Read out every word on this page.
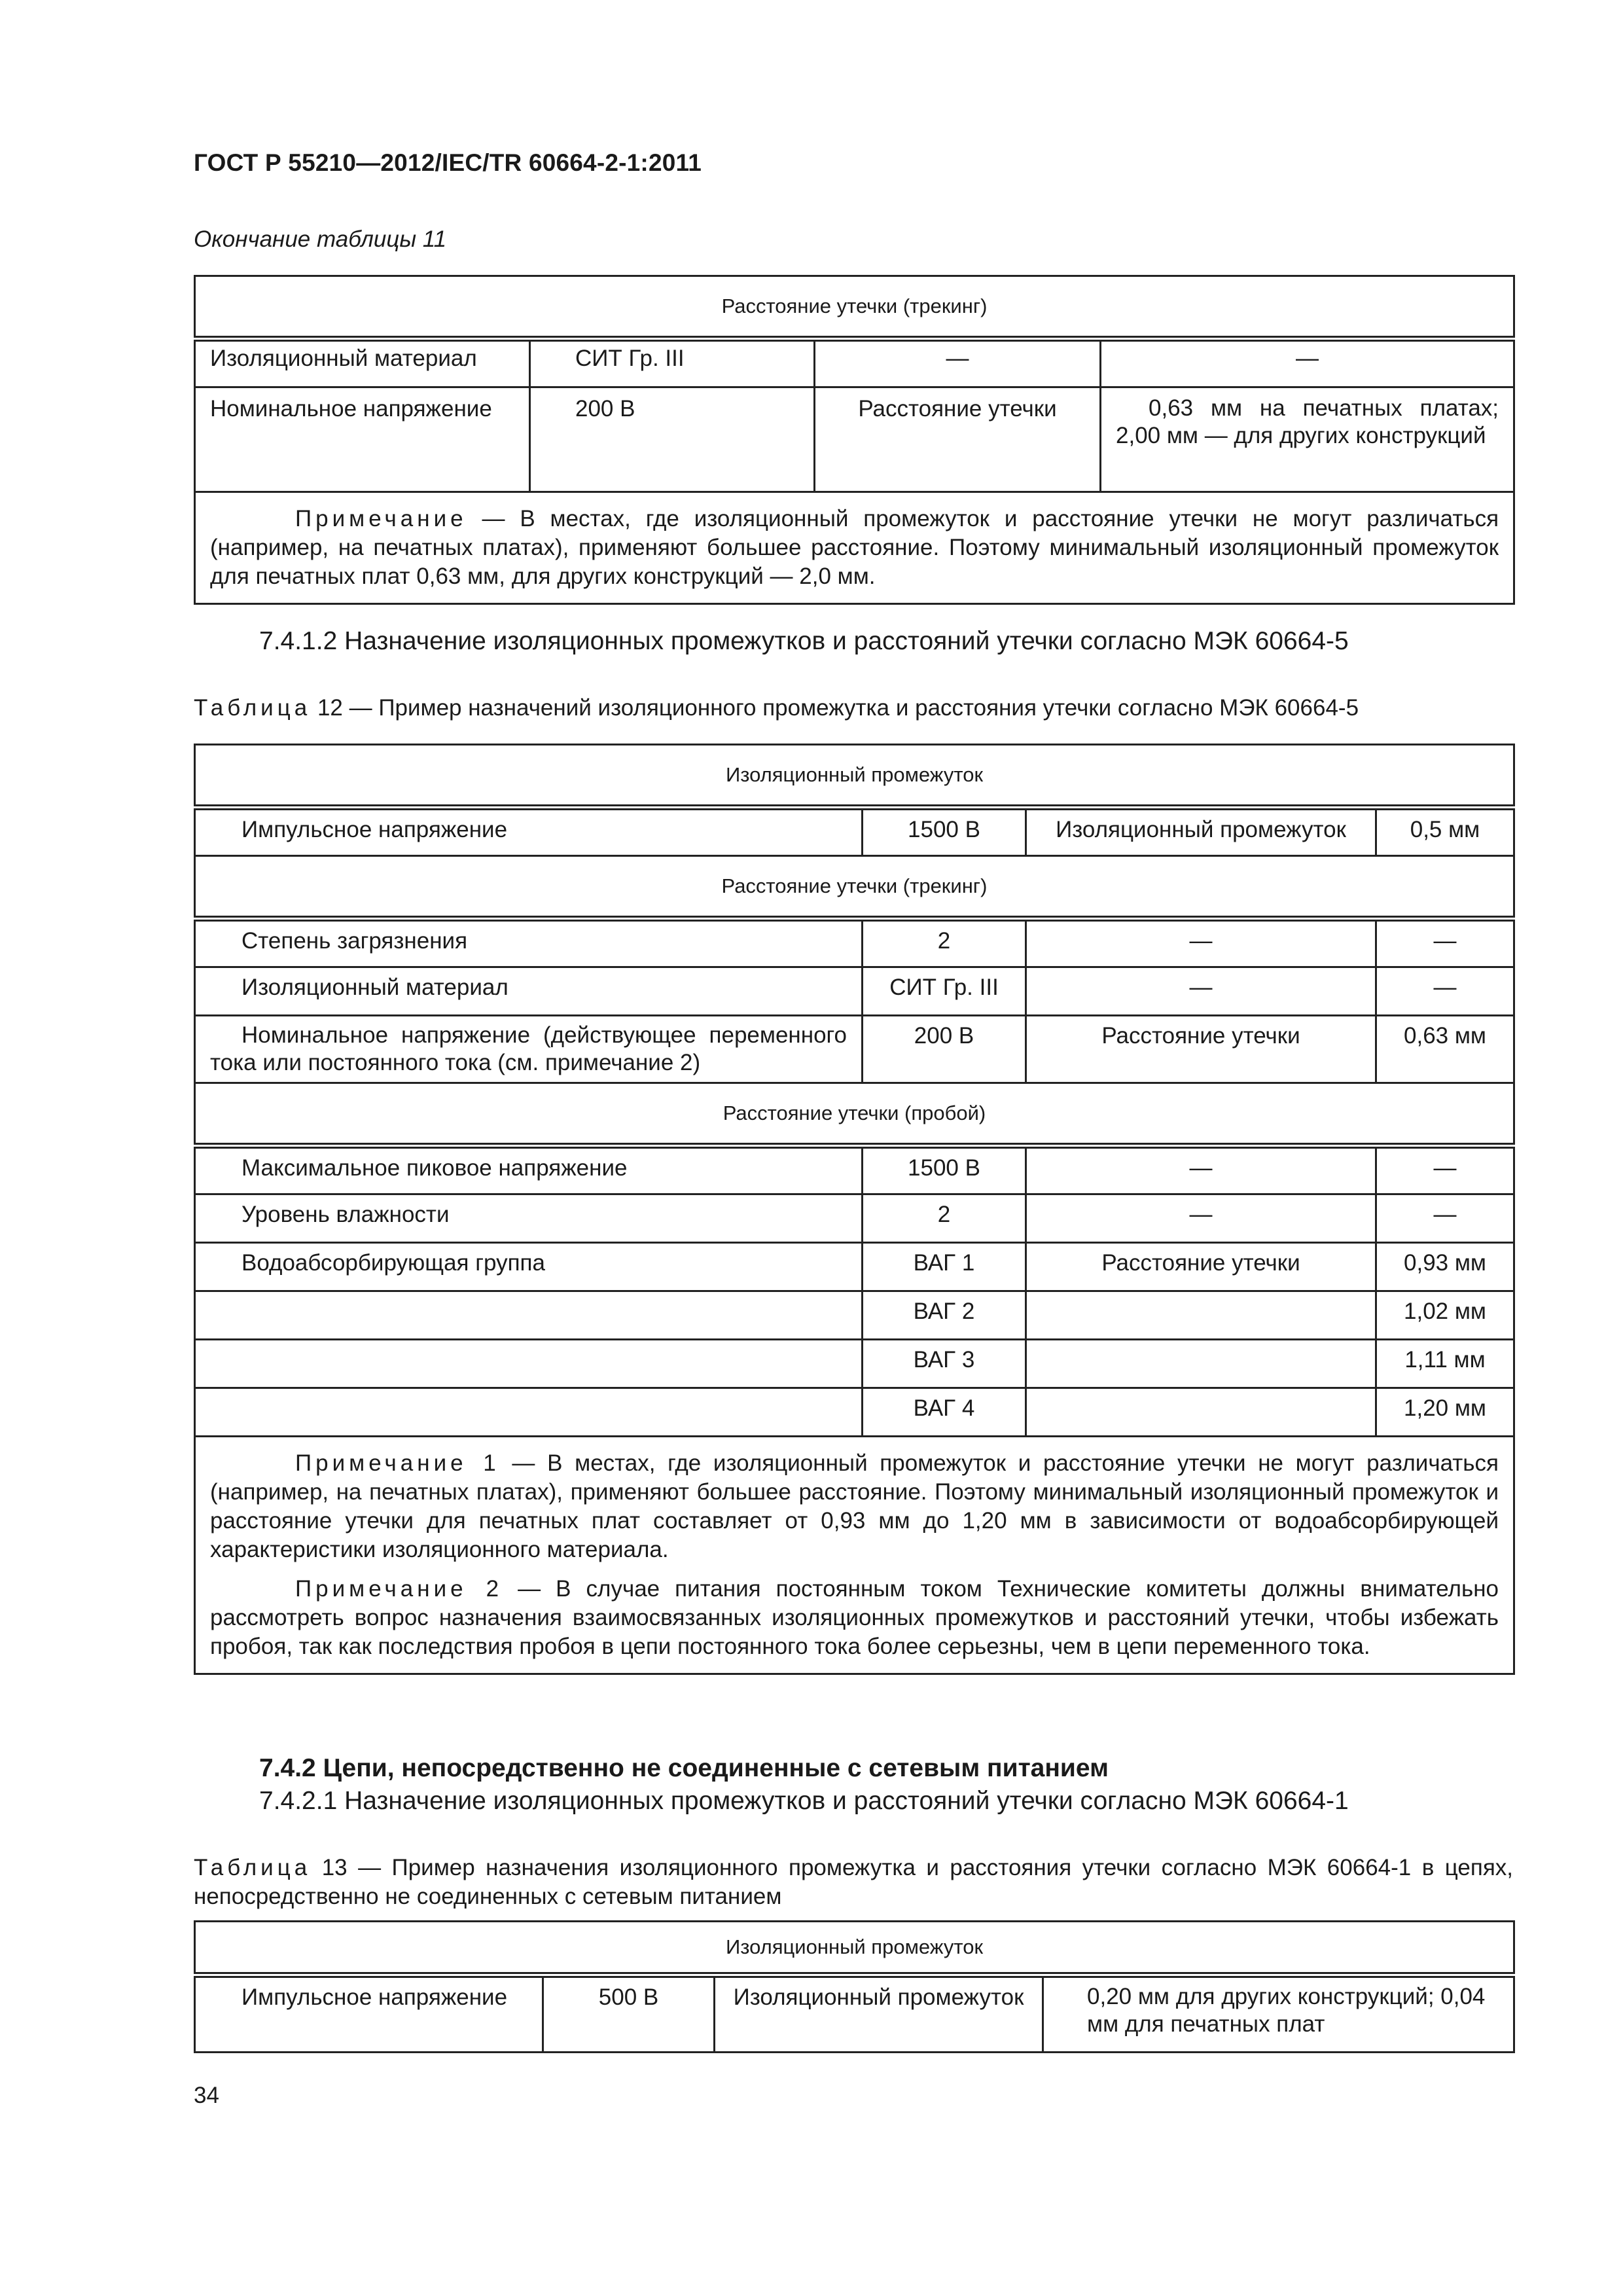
ГОСТ Р 55210—2012/IEC/TR 60664-2-1:2011
Окончание таблицы 11
Расстояние утечки (трекинг)			
Изоляционный материал	СИТ Гр. III	—	—
Номинальное напряжение	200 В	Расстояние утечки	0,63 мм на печатных платах; 2,00 мм — для других конструкций

Примечание — В местах, где изоляционный промежуток и расстояние утечки не могут различаться (например, на печатных платах), применяют большее расстояние. Поэтому минимальный изоляционный промежуток для печатных плат 0,63 мм, для других конструкций — 2,0 мм.			

7.4.1.2 Назначение изоляционных промежутков и расстояний утечки согласно МЭК 60664-5
Таблица 12 — Пример назначений изоляционного промежутка и расстояния утечки согласно МЭК 60664-5
Изоляционный промежуток			
Импульсное напряжение	1500 В	Изоляционный промежуток	0,5 мм
Расстояние утечки (трекинг)			
Степень загрязнения	2	—	—
Изоляционный материал	СИТ Гр. III	—	—
Номинальное напряжение (действующее переменного тока или постоянного тока (см. примечание 2)	200 В	Расстояние утечки	0,63 мм
Расстояние утечки (пробой)			
Максимальное пиковое напряжение	1500 В	—	—
Уровень влажности	2	—	—
Водоабсорбирующая группа	ВАГ 1	Расстояние утечки	0,93 мм
	ВАГ 2		1,02 мм
	ВАГ 3		1,11 мм
	ВАГ 4		1,20 мм

Примечание 1 — В местах, где изоляционный промежуток и расстояние утечки не могут различаться (например, на печатных платах), применяют большее расстояние. Поэтому минимальный изоляционный промежуток и расстояние утечки для печатных плат составляет от 0,93 мм до 1,20 мм в зависимости от водоабсорбирующей характеристики изоляционного материала.

Примечание 2 — В случае питания постоянным током Технические комитеты должны внимательно рассмотреть вопрос назначения взаимосвязанных изоляционных промежутков и расстояний утечки, чтобы избежать пробоя, так как последствия пробоя в цепи постоянного тока более серьезны, чем в цепи переменного тока.			

7.4.2 Цепи, непосредственно не соединенные с сетевым питанием
7.4.2.1 Назначение изоляционных промежутков и расстояний утечки согласно МЭК 60664-1
Таблица 13 — Пример назначения изоляционного промежутка и расстояния утечки согласно МЭК 60664-1 в цепях, непосредственно не соединенных с сетевым питанием
Изоляционный промежуток
Импульсное напряжение	500 В	Изоляционный промежуток	0,20 мм для других конструкций; 0,04 мм для печатных плат
34
